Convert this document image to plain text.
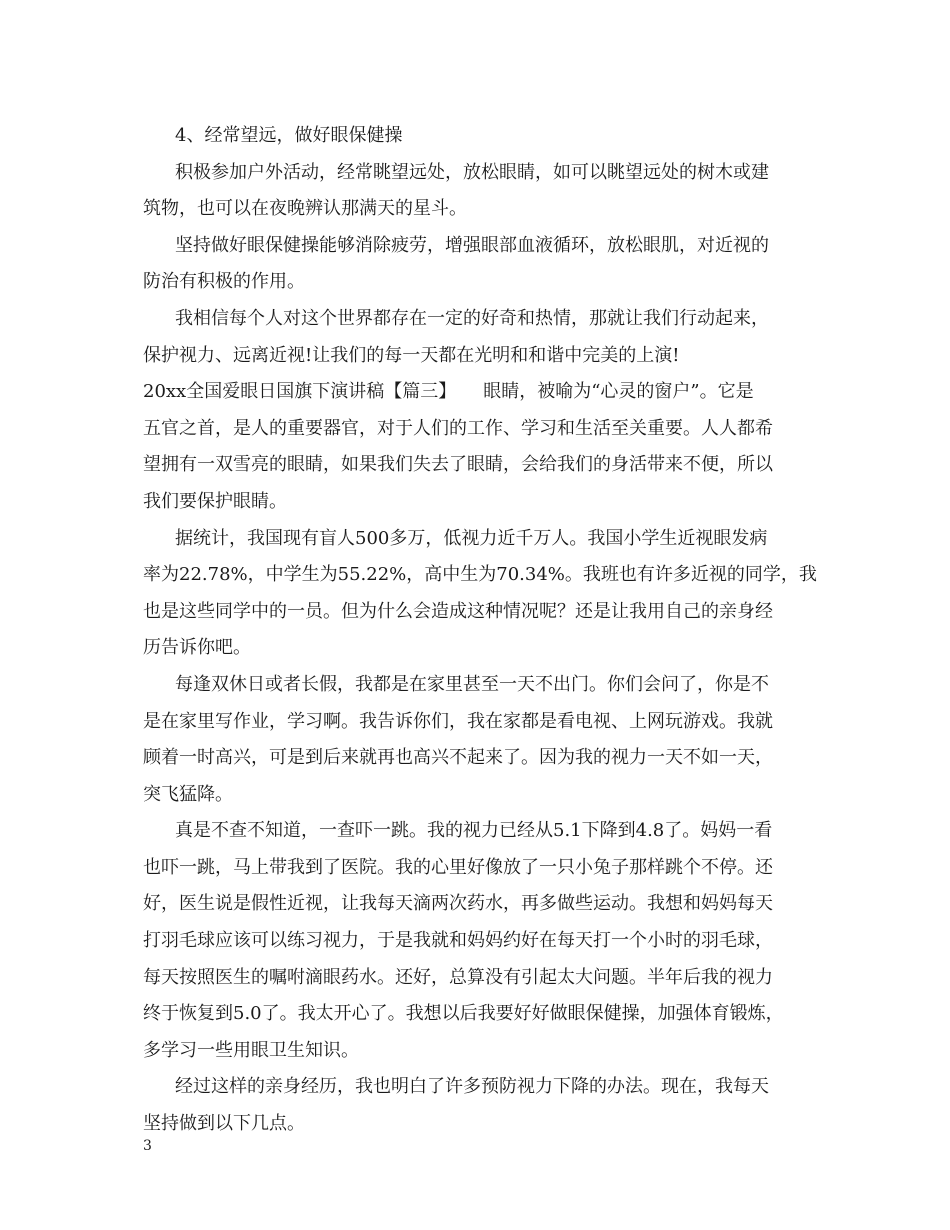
4、经常望远，做好眼保健操

积极参加户外活动，经常眺望远处，放松眼睛，如可以眺望远处的树木或建

筑物，也可以在夜晚辨认那满天的星斗。

坚持做好眼保健操能够消除疲劳，增强眼部血液循环，放松眼肌，对近视的

防治有积极的作用。

我相信每个人对这个世界都存在一定的好奇和热情，那就让我们行动起来，

保护视力、远离近视!让我们的每一天都在光明和和谐中完美的上演!

20xx全国爱眼日国旗下演讲稿【篇三】　　眼睛，被喻为“心灵的窗户”。它是

五官之首，是人的重要器官，对于人们的工作、学习和生活至关重要。人人都希

望拥有一双雪亮的眼睛，如果我们失去了眼睛，会给我们的身活带来不便，所以

我们要保护眼睛。

据统计，我国现有盲人500多万，低视力近千万人。我国小学生近视眼发病

率为22.78%，中学生为55.22%，高中生为70.34%。我班也有许多近视的同学，我

也是这些同学中的一员。但为什么会造成这种情况呢？还是让我用自己的亲身经

历告诉你吧。

每逢双休日或者长假，我都是在家里甚至一天不出门。你们会问了，你是不

是在家里写作业，学习啊。我告诉你们，我在家都是看电视、上网玩游戏。我就

顾着一时高兴，可是到后来就再也高兴不起来了。因为我的视力一天不如一天，

突飞猛降。

真是不查不知道，一查吓一跳。我的视力已经从5.1下降到4.8了。妈妈一看

也吓一跳，马上带我到了医院。我的心里好像放了一只小兔子那样跳个不停。还

好，医生说是假性近视，让我每天滴两次药水，再多做些运动。我想和妈妈每天

打羽毛球应该可以练习视力，于是我就和妈妈约好在每天打一个小时的羽毛球，

每天按照医生的嘱咐滴眼药水。还好，总算没有引起太大问题。半年后我的视力

终于恢复到5.0了。我太开心了。我想以后我要好好做眼保健操，加强体育锻炼，

多学习一些用眼卫生知识。

经过这样的亲身经历，我也明白了许多预防视力下降的办法。现在，我每天

坚持做到以下几点。

3
